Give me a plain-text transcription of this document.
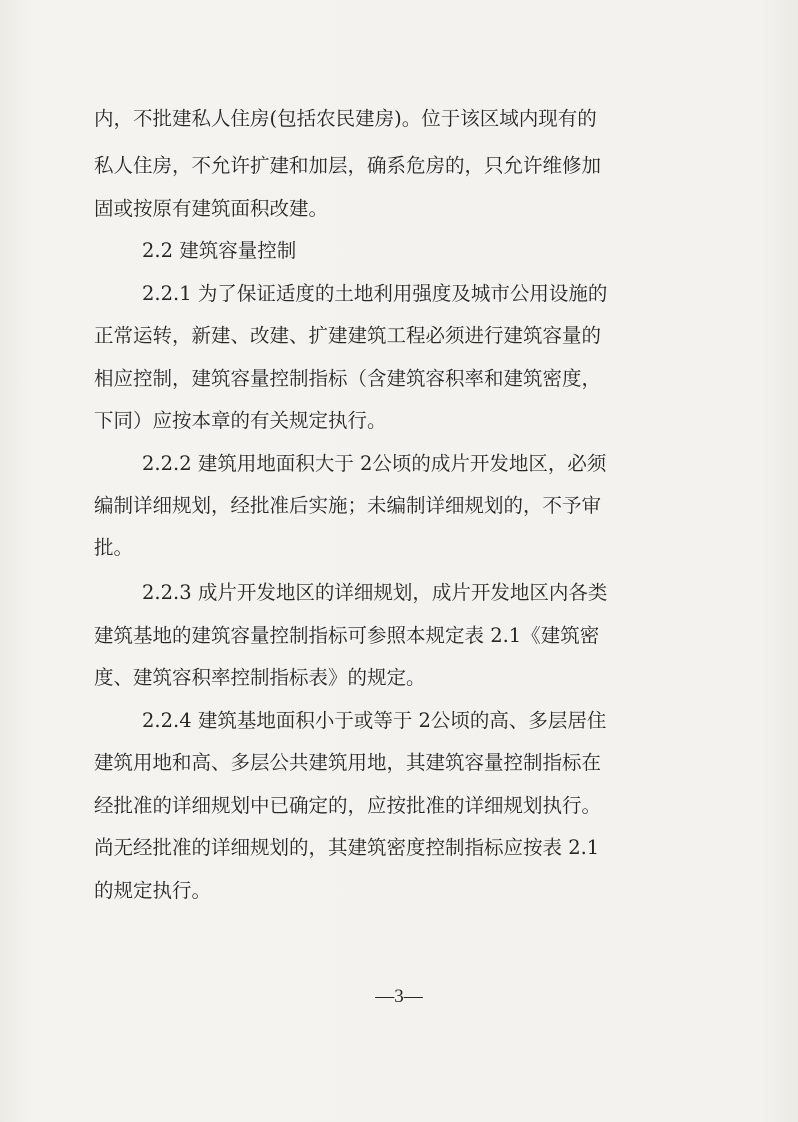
内，不批建私人住房(包括农民建房)。位于该区域内现有的
私人住房，不允许扩建和加层，确系危房的，只允许维修加
固或按原有建筑面积改建。
2.2 建筑容量控制
2.2.1 为了保证适度的土地利用强度及城市公用设施的
正常运转，新建、改建、扩建建筑工程必须进行建筑容量的
相应控制，建筑容量控制指标（含建筑容积率和建筑密度，
下同）应按本章的有关规定执行。
2.2.2 建筑用地面积大于 2公顷的成片开发地区，必须
编制详细规划，经批准后实施；未编制详细规划的，不予审
批。
2.2.3 成片开发地区的详细规划，成片开发地区内各类
建筑基地的建筑容量控制指标可参照本规定表 2.1《建筑密
度、建筑容积率控制指标表》的规定。
2.2.4 建筑基地面积小于或等于 2公顷的高、多层居住
建筑用地和高、多层公共建筑用地，其建筑容量控制指标在
经批准的详细规划中已确定的，应按批准的详细规划执行。
尚无经批准的详细规划的，其建筑密度控制指标应按表 2.1
的规定执行。
—3—
